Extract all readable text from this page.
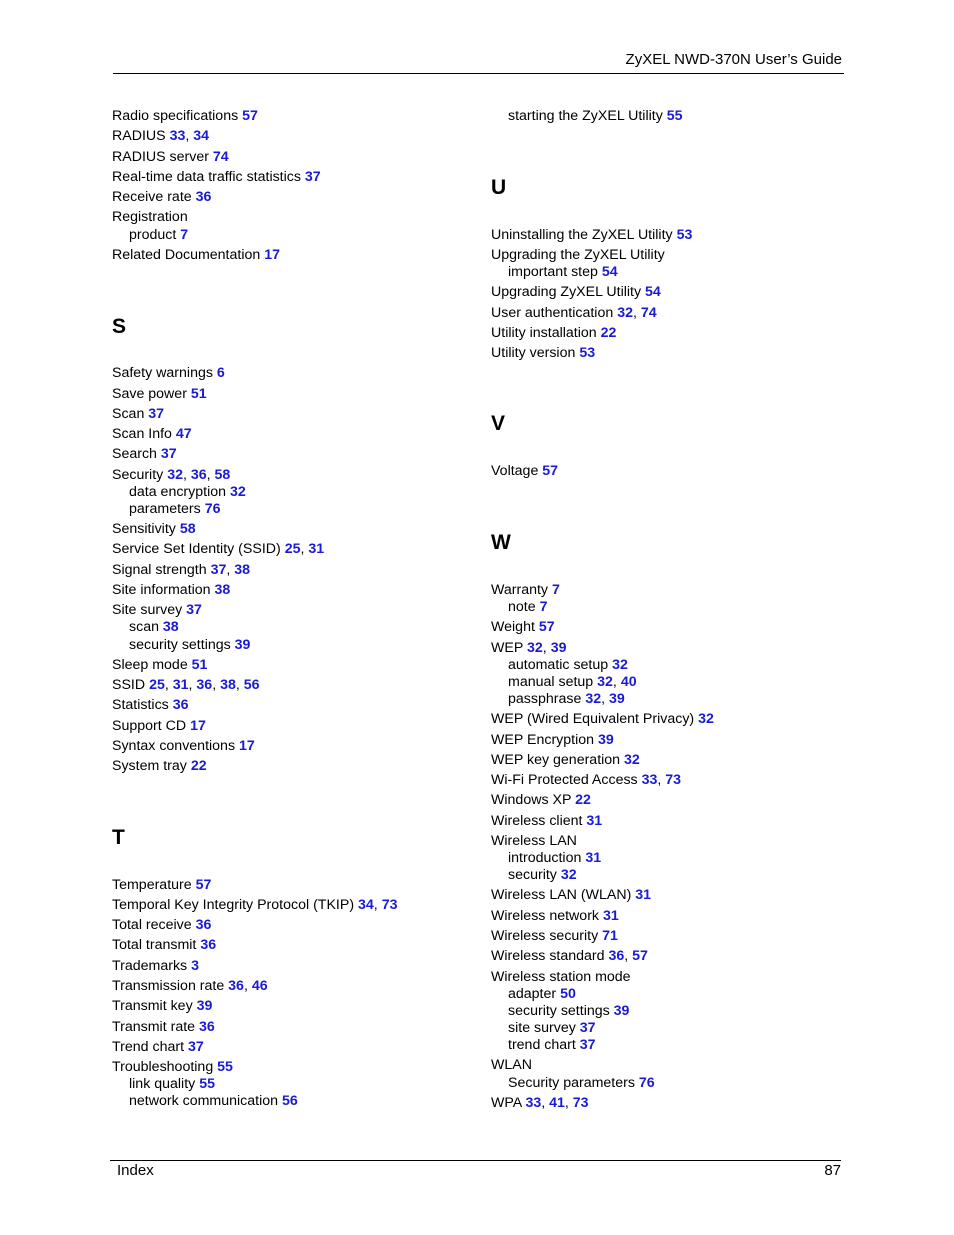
ZyXEL NWD-370N User’s Guide
Radio specifications 57
RADIUS 33, 34
RADIUS server 74
Real-time data traffic statistics 37
Receive rate 36
Registration
product 7
Related Documentation 17
S
Safety warnings 6
Save power 51
Scan 37
Scan Info 47
Search 37
Security 32, 36, 58
data encryption 32
parameters 76
Sensitivity 58
Service Set Identity (SSID) 25, 31
Signal strength 37, 38
Site information 38
Site survey 37
scan 38
security settings 39
Sleep mode 51
SSID 25, 31, 36, 38, 56
Statistics 36
Support CD 17
Syntax conventions 17
System tray 22
T
Temperature 57
Temporal Key Integrity Protocol (TKIP) 34, 73
Total receive 36
Total transmit 36
Trademarks 3
Transmission rate 36, 46
Transmit key 39
Transmit rate 36
Trend chart 37
Troubleshooting 55
link quality 55
network communication 56
starting the ZyXEL Utility 55
U
Uninstalling the ZyXEL Utility 53
Upgrading the ZyXEL Utility
important step 54
Upgrading ZyXEL Utility 54
User authentication 32, 74
Utility installation 22
Utility version 53
V
Voltage 57
W
Warranty 7
note 7
Weight 57
WEP 32, 39
automatic setup 32
manual setup 32, 40
passphrase 32, 39
WEP (Wired Equivalent Privacy) 32
WEP Encryption 39
WEP key generation 32
Wi-Fi Protected Access 33, 73
Windows XP 22
Wireless client 31
Wireless LAN
introduction 31
security 32
Wireless LAN (WLAN) 31
Wireless network 31
Wireless security 71
Wireless standard 36, 57
Wireless station mode
adapter 50
security settings 39
site survey 37
trend chart 37
WLAN
Security parameters 76
WPA 33, 41, 73
Index	87
